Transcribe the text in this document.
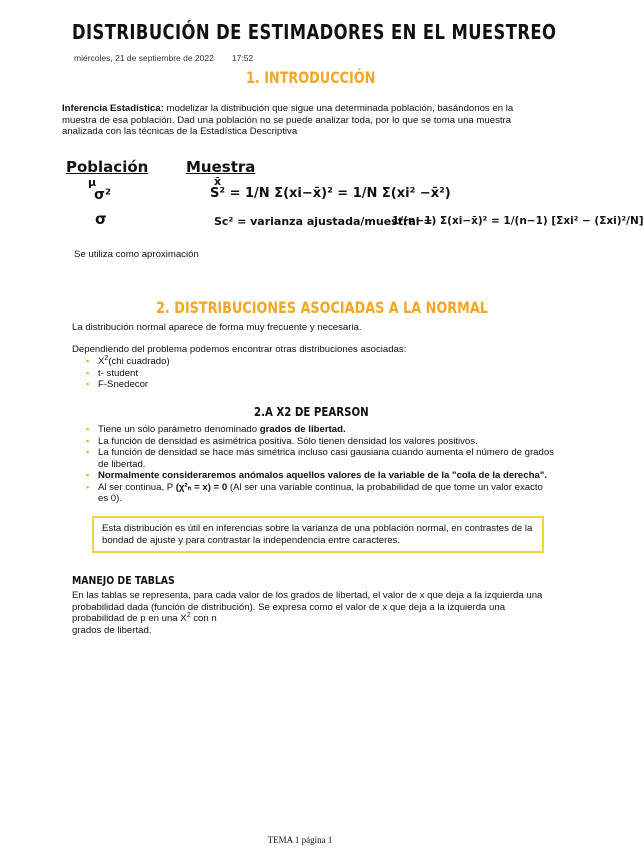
DISTRIBUCIÓN DE ESTIMADORES EN EL MUESTREO
miércoles, 21 de septiembre de 2022 17:52
1. INTRODUCCIÓN
Inferencia Estadística: modelizar la distribución que sigue una determinada población, basándonos en la muestra de esa población. Dad una población no se puede analizar toda, por lo que se toma una muestra analizada con las técnicas de la Estadística Descriptiva
Población	Muestra
μ
σ²
x̄
S² = 1/N Σ(xi−x̄)² = 1/N Σ(xi² −x̄²)
σ	Sc² = varianza ajustada/muestral =
1/(n−1) Σ(xi−x̄)² = 1/(n−1) [Σxi² − (Σxi)²/N]
Se utiliza como aproximación
2. DISTRIBUCIONES ASOCIADAS A LA NORMAL
La distribución normal aparece de forma muy frecuente y necesaria.
Dependiendo del problema podemos encontrar otras distribuciones asociadas:
▪ $X^2(chi$ cuadrado)
▪ t- student
▪ F-Snedecor
2.A X2 DE PEARSON
▪ Tiene un sólo parámetro denominado grados de libertad.
▪ La función de densidad es asimétrica positiva. Sólo tienen densidad los valores positivos.
▪ La función de densidad se hace más simétrica incluso casi gausiana cuando aumenta el número de grados de libertad.
▪ Normalmente consideraremos anómalos aquellos valores de la variable de la "cola de la derecha".
▪ Al ser continua, P (χ²ₙ = x) = 0 (Al ser una variable continua, la probabilidad de que tome un valor exacto es 0).
Esta distribución es útil en inferencias sobre la varianza de una población normal, en contrastes de la bondad de ajuste y para contrastar la independencia entre caracteres.
MANEJO DE TABLAS
En las tablas se representa, para cada valor de los grados de libertad, el valor de x que deja a la izquierda una probabilidad dada (función de distribución). Se expresa como el valor de x que deja a la izquierda una probabilidad de p en una $X^2$ con n
grados de libertad.
TEMA 1 página 1
